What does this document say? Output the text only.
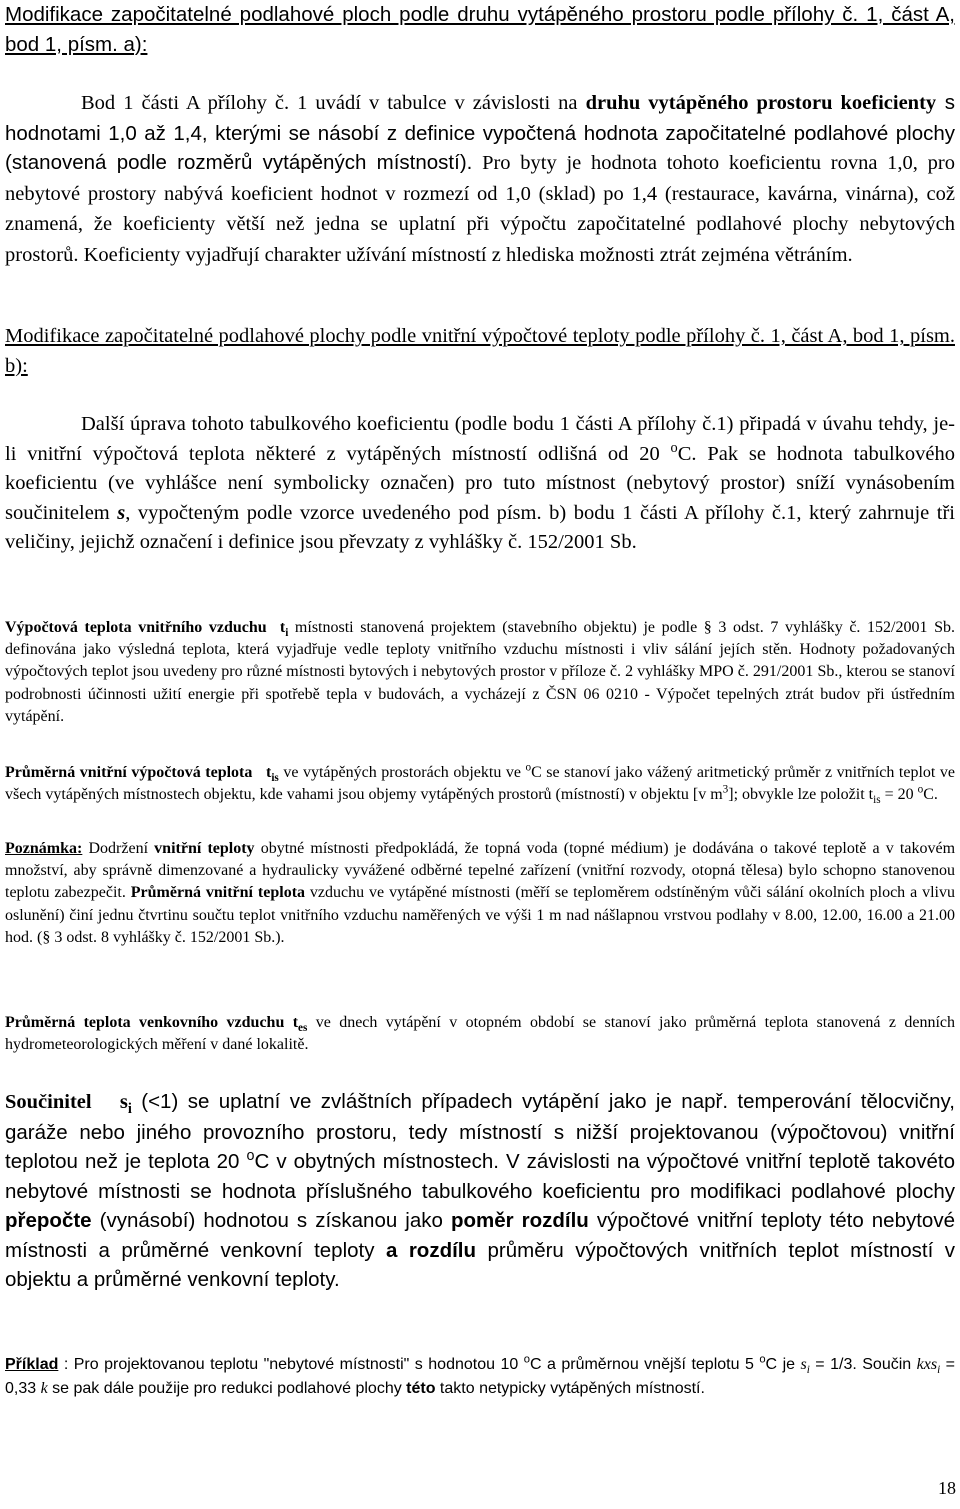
Modifikace započitatelné podlahové ploch podle druhu vytápěného prostoru podle přílohy č. 1, část A, bod 1, písm. a):

Bod 1 části A přílohy č. 1 uvádí v tabulce v závislosti na druhu vytápěného prostoru koeficienty s hodnotami 1,0 až 1,4, kterými se násobí z definice vypočtená hodnota započitatelné podlahové plochy (stanovená podle rozměrů vytápěných místností). Pro byty je hodnota tohoto koeficientu rovna 1,0, pro nebytové prostory nabývá koeficient hodnot v rozmezí od 1,0 (sklad) po 1,4 (restaurace, kavárna, vinárna), což znamená, že koeficienty větší než jedna se uplatní při výpočtu započitatelné podlahové plochy nebytových prostorů. Koeficienty vyjadřují charakter užívání místností z hlediska možnosti ztrát zejména větráním.

Modifikace započitatelné podlahové plochy podle vnitřní výpočtové teploty podle přílohy č. 1, část A, bod 1, písm. b):

Další úprava tohoto tabulkového koeficientu (podle bodu 1 části A přílohy č.1) připadá v úvahu tehdy, je-li vnitřní výpočtová teplota některé z vytápěných místností odlišná od 20 $^o$C. Pak se hodnota tabulkového koeficientu (ve vyhlášce není symbolicky označen) pro tuto místnost (nebytový prostor) sníží vynásobením součinitelem s, vypočteným podle vzorce uvedeného pod písm. b) bodu 1 části A přílohy č.1, který zahrnuje tři veličiny, jejichž označení i definice jsou převzaty z vyhlášky č. 152/2001 Sb.

Výpočtová teplota vnitřního vzduchu $t_i$ místnosti stanovená projektem (stavebního objektu) je podle § 3 odst. 7 vyhlášky č. 152/2001 Sb. definována jako výsledná teplota, která vyjadřuje vedle teploty vnitřního vzduchu místnosti i vliv sálání jejích stěn. Hodnoty požadovaných výpočtových teplot jsou uvedeny pro různé místnosti bytových i nebytových prostor v příloze č. 2 vyhlášky MPO č. 291/2001 Sb., kterou se stanoví podrobnosti účinnosti užití energie při spotřebě tepla v budovách, a vycházejí z ČSN 06 0210 - Výpočet tepelných ztrát budov při ústředním vytápění.

Průměrná vnitřní výpočtová teplota $t_{is}$ ve vytápěných prostorách objektu ve $^o$C se stanoví jako vážený aritmetický průměr z vnitřních teplot ve všech vytápěných místnostech objektu, kde vahami jsou objemy vytápěných prostorů (místností) v objektu [v $m^3$]; obvykle lze položit $t_{is} = 20$ $^o$C.

Poznámka: Dodržení vnitřní teploty obytné místnosti předpokládá, že topná voda (topné médium) je dodávána o takové teplotě a v takovém množství, aby správně dimenzované a hydraulicky vyvážené odběrné tepelné zařízení (vnitřní rozvody, otopná tělesa) bylo schopno stanovenou teplotu zabezpečit. Průměrná vnitřní teplota vzduchu ve vytápěné místnosti (měří se teploměrem odstíněným vůči sálání okolních ploch a vlivu oslunění) činí jednu čtvrtinu součtu teplot vnitřního vzduchu naměřených ve výši 1 m nad nášlapnou vrstvou podlahy v 8.00, 12.00, 16.00 a 21.00 hod. (§ 3 odst. 8 vyhlášky č. 152/2001 Sb.).

Průměrná teplota venkovního vzduchu $t_{es}$ ve dnech vytápění v otopném období se stanoví jako průměrná teplota stanovená z denních hydrometeorologických měření v dané lokalitě.

Součinitel $s_i$ (<1) se uplatní ve zvláštních případech vytápění jako je např. temperování tělocvičny, garáže nebo jiného provozního prostoru, tedy místností s nižší projektovanou (výpočtovou) vnitřní teplotou než je teplota 20 $^o$C v obytných místnostech. V závislosti na výpočtové vnitřní teplotě takovéto nebytové místnosti se hodnota příslušného tabulkového koeficientu pro modifikaci podlahové plochy přepočte (vynásobí) hodnotou s získanou jako poměr rozdílu výpočtové vnitřní teploty této nebytové místnosti a průměrné venkovní teploty a rozdílu průměru výpočtových vnitřních teplot místností v objektu a průměrné venkovní teploty.

Příklad : Pro projektovanou teplotu "nebytové místnosti" s hodnotou 10 $^o$C a průměrnou vnější teplotu 5 $^o$C je $s_i = 1/3$. Součin kxs$_i$ = 0,33 k se pak dále použije pro redukci podlahové plochy této takto netypicky vytápěných místností.

18
